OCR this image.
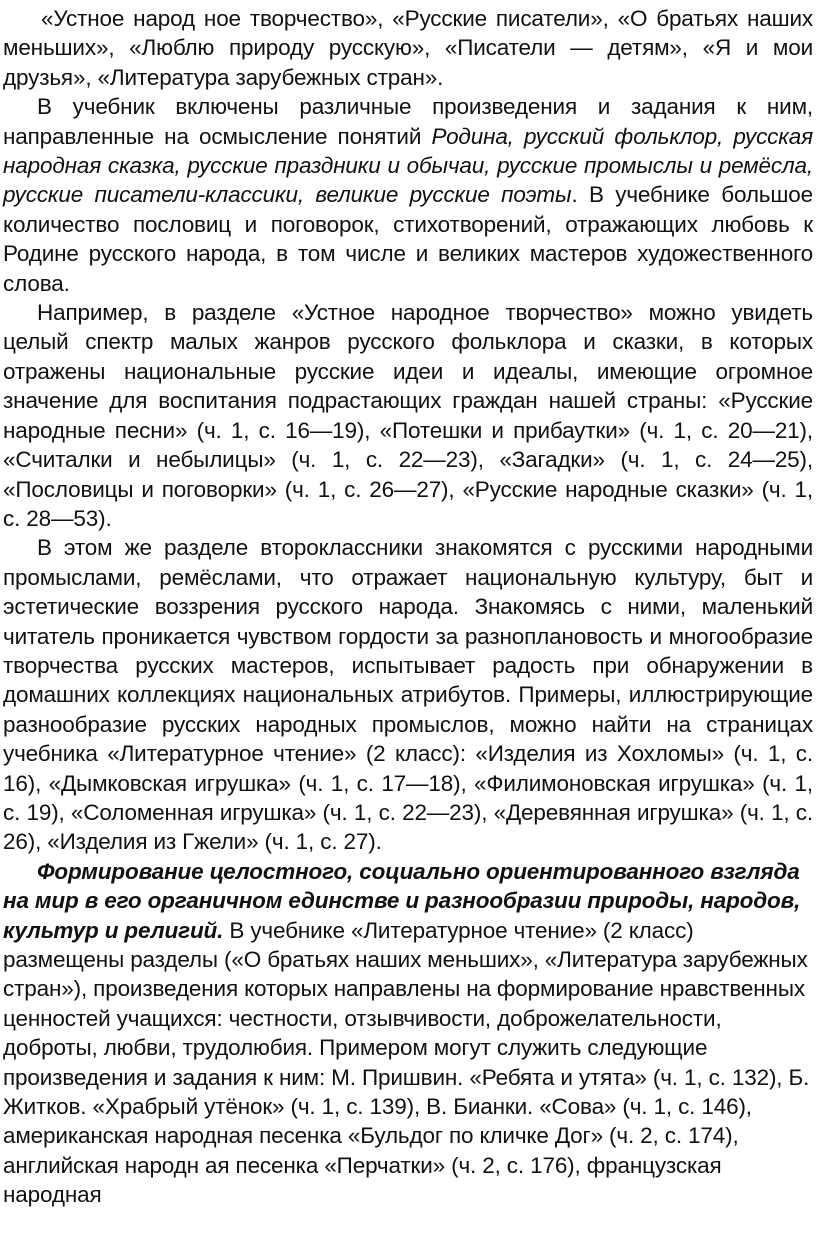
«Устное народ ное творчество», «Русские писатели», «О братьях наших меньших», «Люблю природу русскую», «Писатели — детям», «Я и мои друзья», «Литература зарубежных стран».

В учебник включены различные произведения и задания к ним, направленные на осмысление понятий Родина, русский фольклор, русская народная сказка, русские праздники и обычаи, русские промыслы и ремёсла, русские писатели-классики, великие русские поэты. В учебнике большое количество пословиц и поговорок, стихотворений, отражающих любовь к Родине русского народа, в том числе и великих мастеров художественного слова.

Например, в разделе «Устное народное творчество» можно увидеть целый спектр малых жанров русского фольклора и сказки, в которых отражены национальные русские идеи и идеалы, имеющие огромное значение для воспитания подрастающих граждан нашей страны: «Русские народные песни» (ч. 1, с. 16—19), «Потешки и прибаутки» (ч. 1, с. 20—21), «Считалки и небылицы» (ч. 1, с. 22—23), «Загадки» (ч. 1, с. 24—25), «Пословицы и поговорки» (ч. 1, с. 26—27), «Русские народные сказки» (ч. 1, с. 28—53).

В этом же разделе второклассники знакомятся с русскими народными промыслами, ремёслами, что отражает национальную культуру, быт и эстетические воззрения русского народа. Знакомясь с ними, маленький читатель проникается чувством гордости за разноплановость и многообразие творчества русских мастеров, испытывает радость при обнаружении в домашних коллекциях национальных атрибутов. Примеры, иллюстрирующие разнообразие русских народных промыслов, можно найти на страницах учебника «Литературное чтение» (2 класс): «Изделия из Хохломы» (ч. 1, с. 16), «Дымковская игрушка» (ч. 1, с. 17—18), «Филимоновская игрушка» (ч. 1, с. 19), «Соломенная игрушка» (ч. 1, с. 22—23), «Деревянная игрушка» (ч. 1, с. 26), «Изделия из Гжели» (ч. 1, с. 27).

Формирование целостного, социально ориентированного взгляда на мир в его органичном единстве и разнообразии природы, народов, культур и религий. В учебнике «Литературное чтение» (2 класс) размещены разделы («О братьях наших меньших», «Литература зарубежных стран»), произведения которых направлены на формирование нравственных ценностей учащихся: честности, отзывчивости, доброжелательности, доброты, любви, трудолюбия. Примером могут служить следующие произведения и задания к ним: М. Пришвин. «Ребята и утята» (ч. 1, с. 132), Б. Житков. «Храбрый утёнок» (ч. 1, с. 139), В. Бианки. «Сова» (ч. 1, с. 146), американская народная песенка «Бульдог по кличке Дог» (ч. 2, с. 174), английская народн ая песенка «Перчатки» (ч. 2, с. 176), французская народная
